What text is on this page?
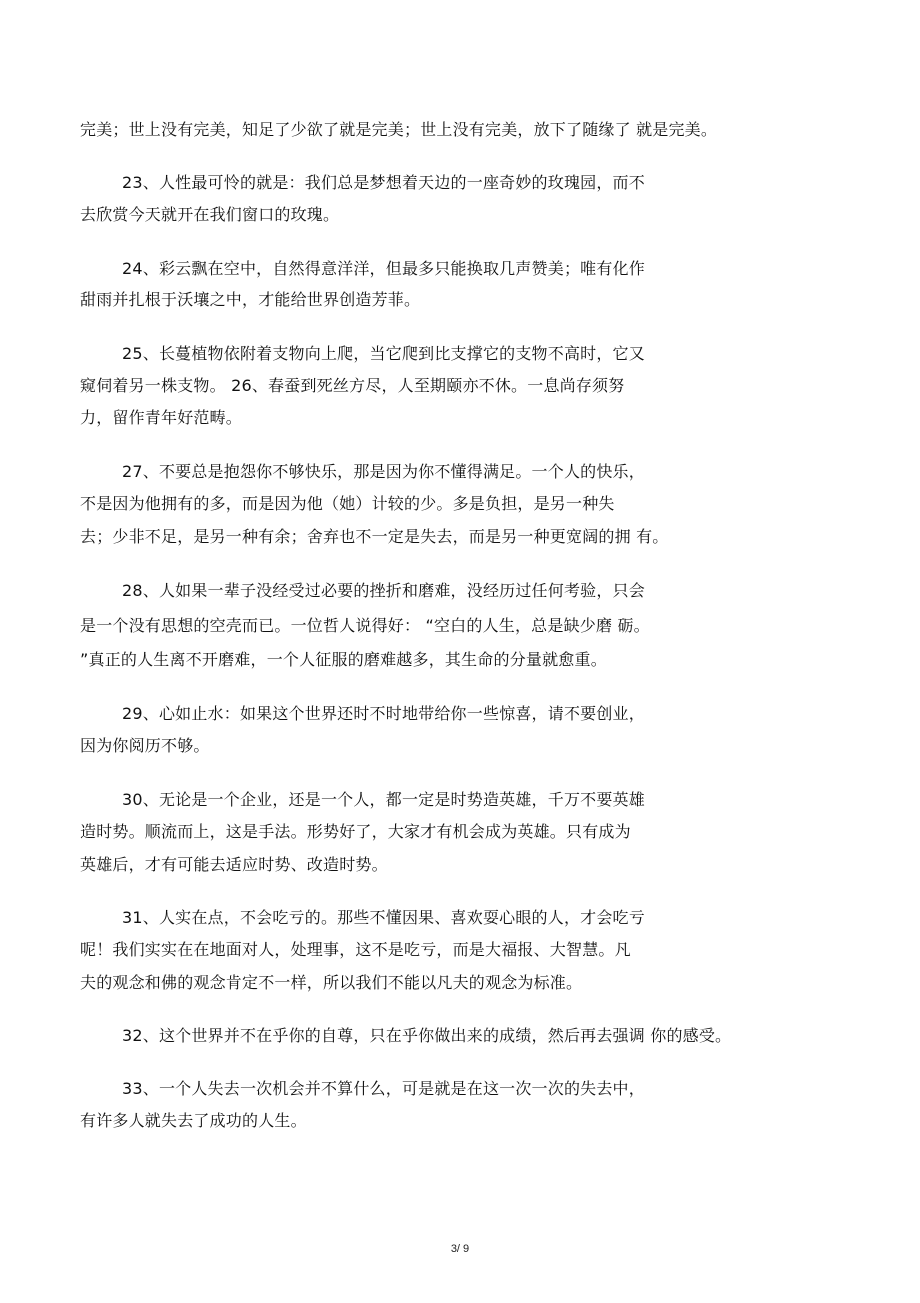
完美；世上没有完美，知足了少欲了就是完美；世上没有完美，放下了随缘了 就是完美。
23、人性最可怜的就是：我们总是梦想着天边的一座奇妙的玫瑰园，而不
去欣赏今天就开在我们窗口的玫瑰。
24、彩云飘在空中，自然得意洋洋，但最多只能换取几声赞美；唯有化作
甜雨并扎根于沃壤之中，才能给世界创造芳菲。
25、长蔓植物依附着支物向上爬，当它爬到比支撑它的支物不高时，它又
窥伺着另一株支物。 26、春蚕到死丝方尽，人至期颐亦不休。一息尚存须努
力，留作青年好范畴。
27、不要总是抱怨你不够快乐，那是因为你不懂得满足。一个人的快乐，
不是因为他拥有的多，而是因为他（她）计较的少。多是负担，是另一种失
去；少非不足，是另一种有余；舍弃也不一定是失去，而是另一种更宽阔的拥 有。
28、人如果一辈子没经受过必要的挫折和磨难，没经历过任何考验，只会
是一个没有思想的空壳而已。一位哲人说得好： “空白的人生，总是缺少磨 砺。
”真正的人生离不开磨难，一个人征服的磨难越多，其生命的分量就愈重。
29、心如止水：如果这个世界还时不时地带给你一些惊喜，请不要创业，
因为你阅历不够。
30、无论是一个企业，还是一个人，都一定是时势造英雄，千万不要英雄
造时势。顺流而上，这是手法。形势好了，大家才有机会成为英雄。只有成为
英雄后，才有可能去适应时势、改造时势。
31、人实在点，不会吃亏的。那些不懂因果、喜欢耍心眼的人，才会吃亏
呢！我们实实在在地面对人，处理事，这不是吃亏，而是大福报、大智慧。凡
夫的观念和佛的观念肯定不一样，所以我们不能以凡夫的观念为标准。
32、这个世界并不在乎你的自尊，只在乎你做出来的成绩，然后再去强调 你的感受。
33、一个人失去一次机会并不算什么，可是就是在这一次一次的失去中，
有许多人就失去了成功的人生。
3/ 9
